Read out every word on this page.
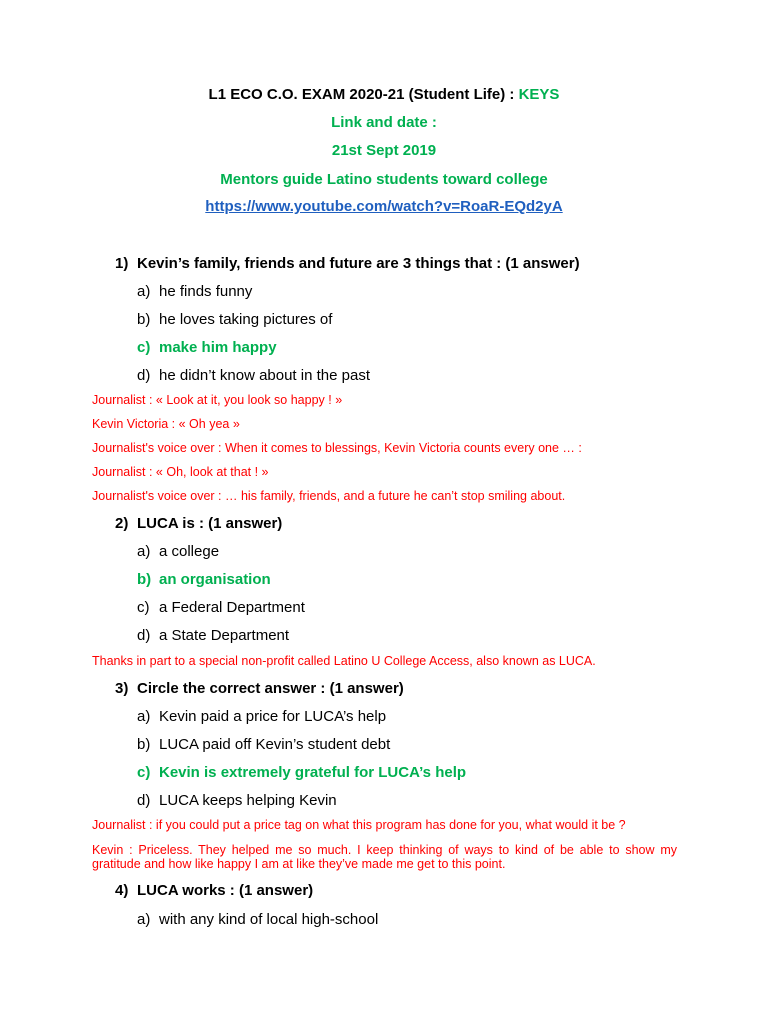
L1 ECO C.O. EXAM 2020-21 (Student Life) : KEYS
Link and date :
21st Sept 2019
Mentors guide Latino students toward college
https://www.youtube.com/watch?v=RoaR-EQd2yA
1) Kevin’s family, friends and future are 3 things that : (1 answer)
a) he finds funny
b) he loves taking pictures of
c) make him happy
d) he didn’t know about in the past
Journalist : « Look at it, you look so happy ! »
Kevin Victoria : « Oh yea »
Journalist's voice over : When it comes to blessings, Kevin Victoria counts every one … :
Journalist : « Oh, look at that ! »
Journalist's voice over : … his family, friends, and a future he can’t stop smiling about.
2) LUCA is : (1 answer)
a) a college
b) an organisation
c) a Federal Department
d) a State Department
Thanks in part to a special non-profit called Latino U College Access, also known as LUCA.
3) Circle the correct answer : (1 answer)
a) Kevin paid a price for LUCA’s help
b) LUCA paid off Kevin’s student debt
c) Kevin is extremely grateful for LUCA’s help
d) LUCA keeps helping Kevin
Journalist : if you could put a price tag on what this program has done for you, what would it be ?
Kevin : Priceless. They helped me so much. I keep thinking of ways to kind of be able to show my gratitude and how like happy I am at like they’ve made me get to this point.
4) LUCA works : (1 answer)
a) with any kind of local high-school
